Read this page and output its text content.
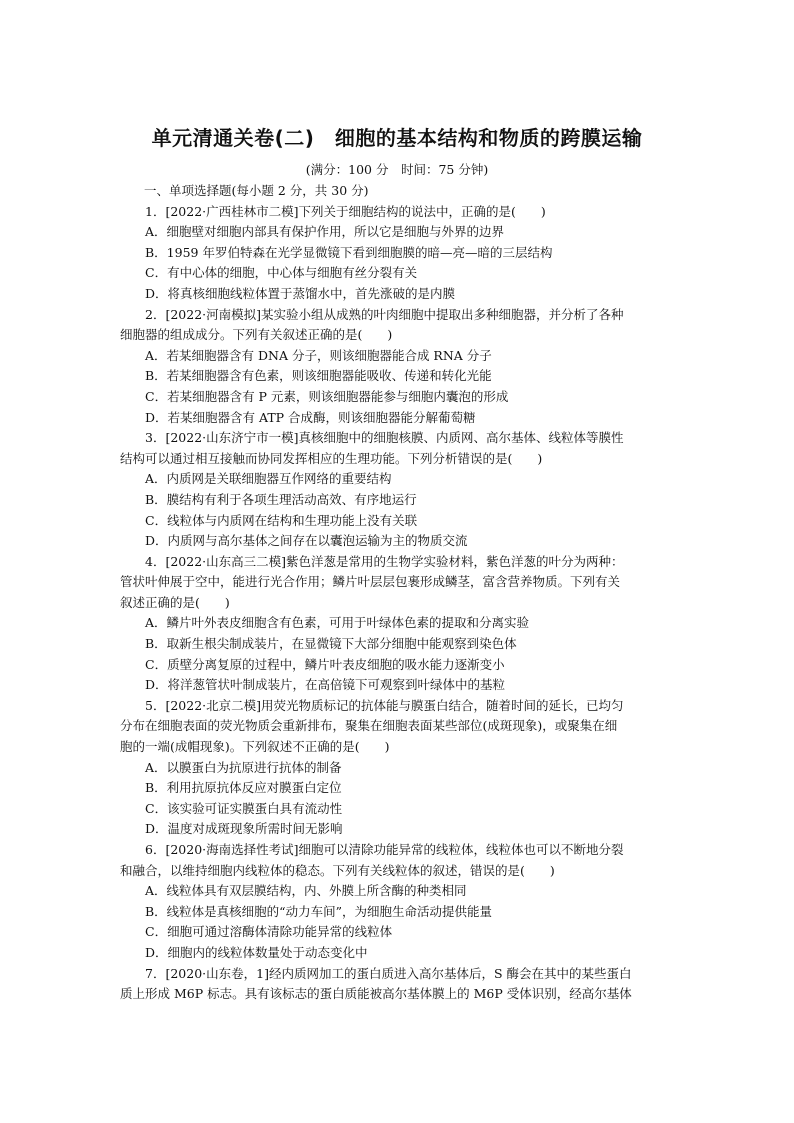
单元清通关卷(二)　细胞的基本结构和物质的跨膜运输
(满分：100 分　时间：75 分钟)
一、单项选择题(每小题 2 分，共 30 分)
1．[2022·广西桂林市二模]下列关于细胞结构的说法中，正确的是(　　)
A．细胞壁对细胞内部具有保护作用，所以它是细胞与外界的边界
B．1959 年罗伯特森在光学显微镜下看到细胞膜的暗—亮—暗的三层结构
C．有中心体的细胞，中心体与细胞有丝分裂有关
D．将真核细胞线粒体置于蒸馏水中，首先涨破的是内膜
2．[2022·河南模拟]某实验小组从成熟的叶肉细胞中提取出多种细胞器，并分析了各种
细胞器的组成成分。下列有关叙述正确的是(　　)
A．若某细胞器含有 DNA 分子，则该细胞器能合成 RNA 分子
B．若某细胞器含有色素，则该细胞器能吸收、传递和转化光能
C．若某细胞器含有 P 元素，则该细胞器能参与细胞内囊泡的形成
D．若某细胞器含有 ATP 合成酶，则该细胞器能分解葡萄糖
3．[2022·山东济宁市一模]真核细胞中的细胞核膜、内质网、高尔基体、线粒体等膜性
结构可以通过相互接触而协同发挥相应的生理功能。下列分析错误的是(　　)
A．内质网是关联细胞器互作网络的重要结构
B．膜结构有利于各项生理活动高效、有序地运行
C．线粒体与内质网在结构和生理功能上没有关联
D．内质网与高尔基体之间存在以囊泡运输为主的物质交流
4．[2022·山东高三二模]紫色洋葱是常用的生物学实验材料，紫色洋葱的叶分为两种：
管状叶伸展于空中，能进行光合作用；鳞片叶层层包裹形成鳞茎，富含营养物质。下列有关
叙述正确的是(　　)
A．鳞片叶外表皮细胞含有色素，可用于叶绿体色素的提取和分离实验
B．取新生根尖制成装片，在显微镜下大部分细胞中能观察到染色体
C．质壁分离复原的过程中，鳞片叶表皮细胞的吸水能力逐渐变小
D．将洋葱管状叶制成装片，在高倍镜下可观察到叶绿体中的基粒
5．[2022·北京二模]用荧光物质标记的抗体能与膜蛋白结合，随着时间的延长，已均匀
分布在细胞表面的荧光物质会重新排布，聚集在细胞表面某些部位(成斑现象)，或聚集在细
胞的一端(成帽现象)。下列叙述不正确的是(　　)
A．以膜蛋白为抗原进行抗体的制备
B．利用抗原抗体反应对膜蛋白定位
C．该实验可证实膜蛋白具有流动性
D．温度对成斑现象所需时间无影响
6．[2020·海南选择性考试]细胞可以清除功能异常的线粒体，线粒体也可以不断地分裂
和融合，以维持细胞内线粒体的稳态。下列有关线粒体的叙述，错误的是(　　)
A．线粒体具有双层膜结构，内、外膜上所含酶的种类相同
B．线粒体是真核细胞的“动力车间”，为细胞生命活动提供能量
C．细胞可通过溶酶体清除功能异常的线粒体
D．细胞内的线粒体数量处于动态变化中
7．[2020·山东卷，1]经内质网加工的蛋白质进入高尔基体后，S 酶会在其中的某些蛋白
质上形成 M6P 标志。具有该标志的蛋白质能被高尔基体膜上的 M6P 受体识别，经高尔基体
